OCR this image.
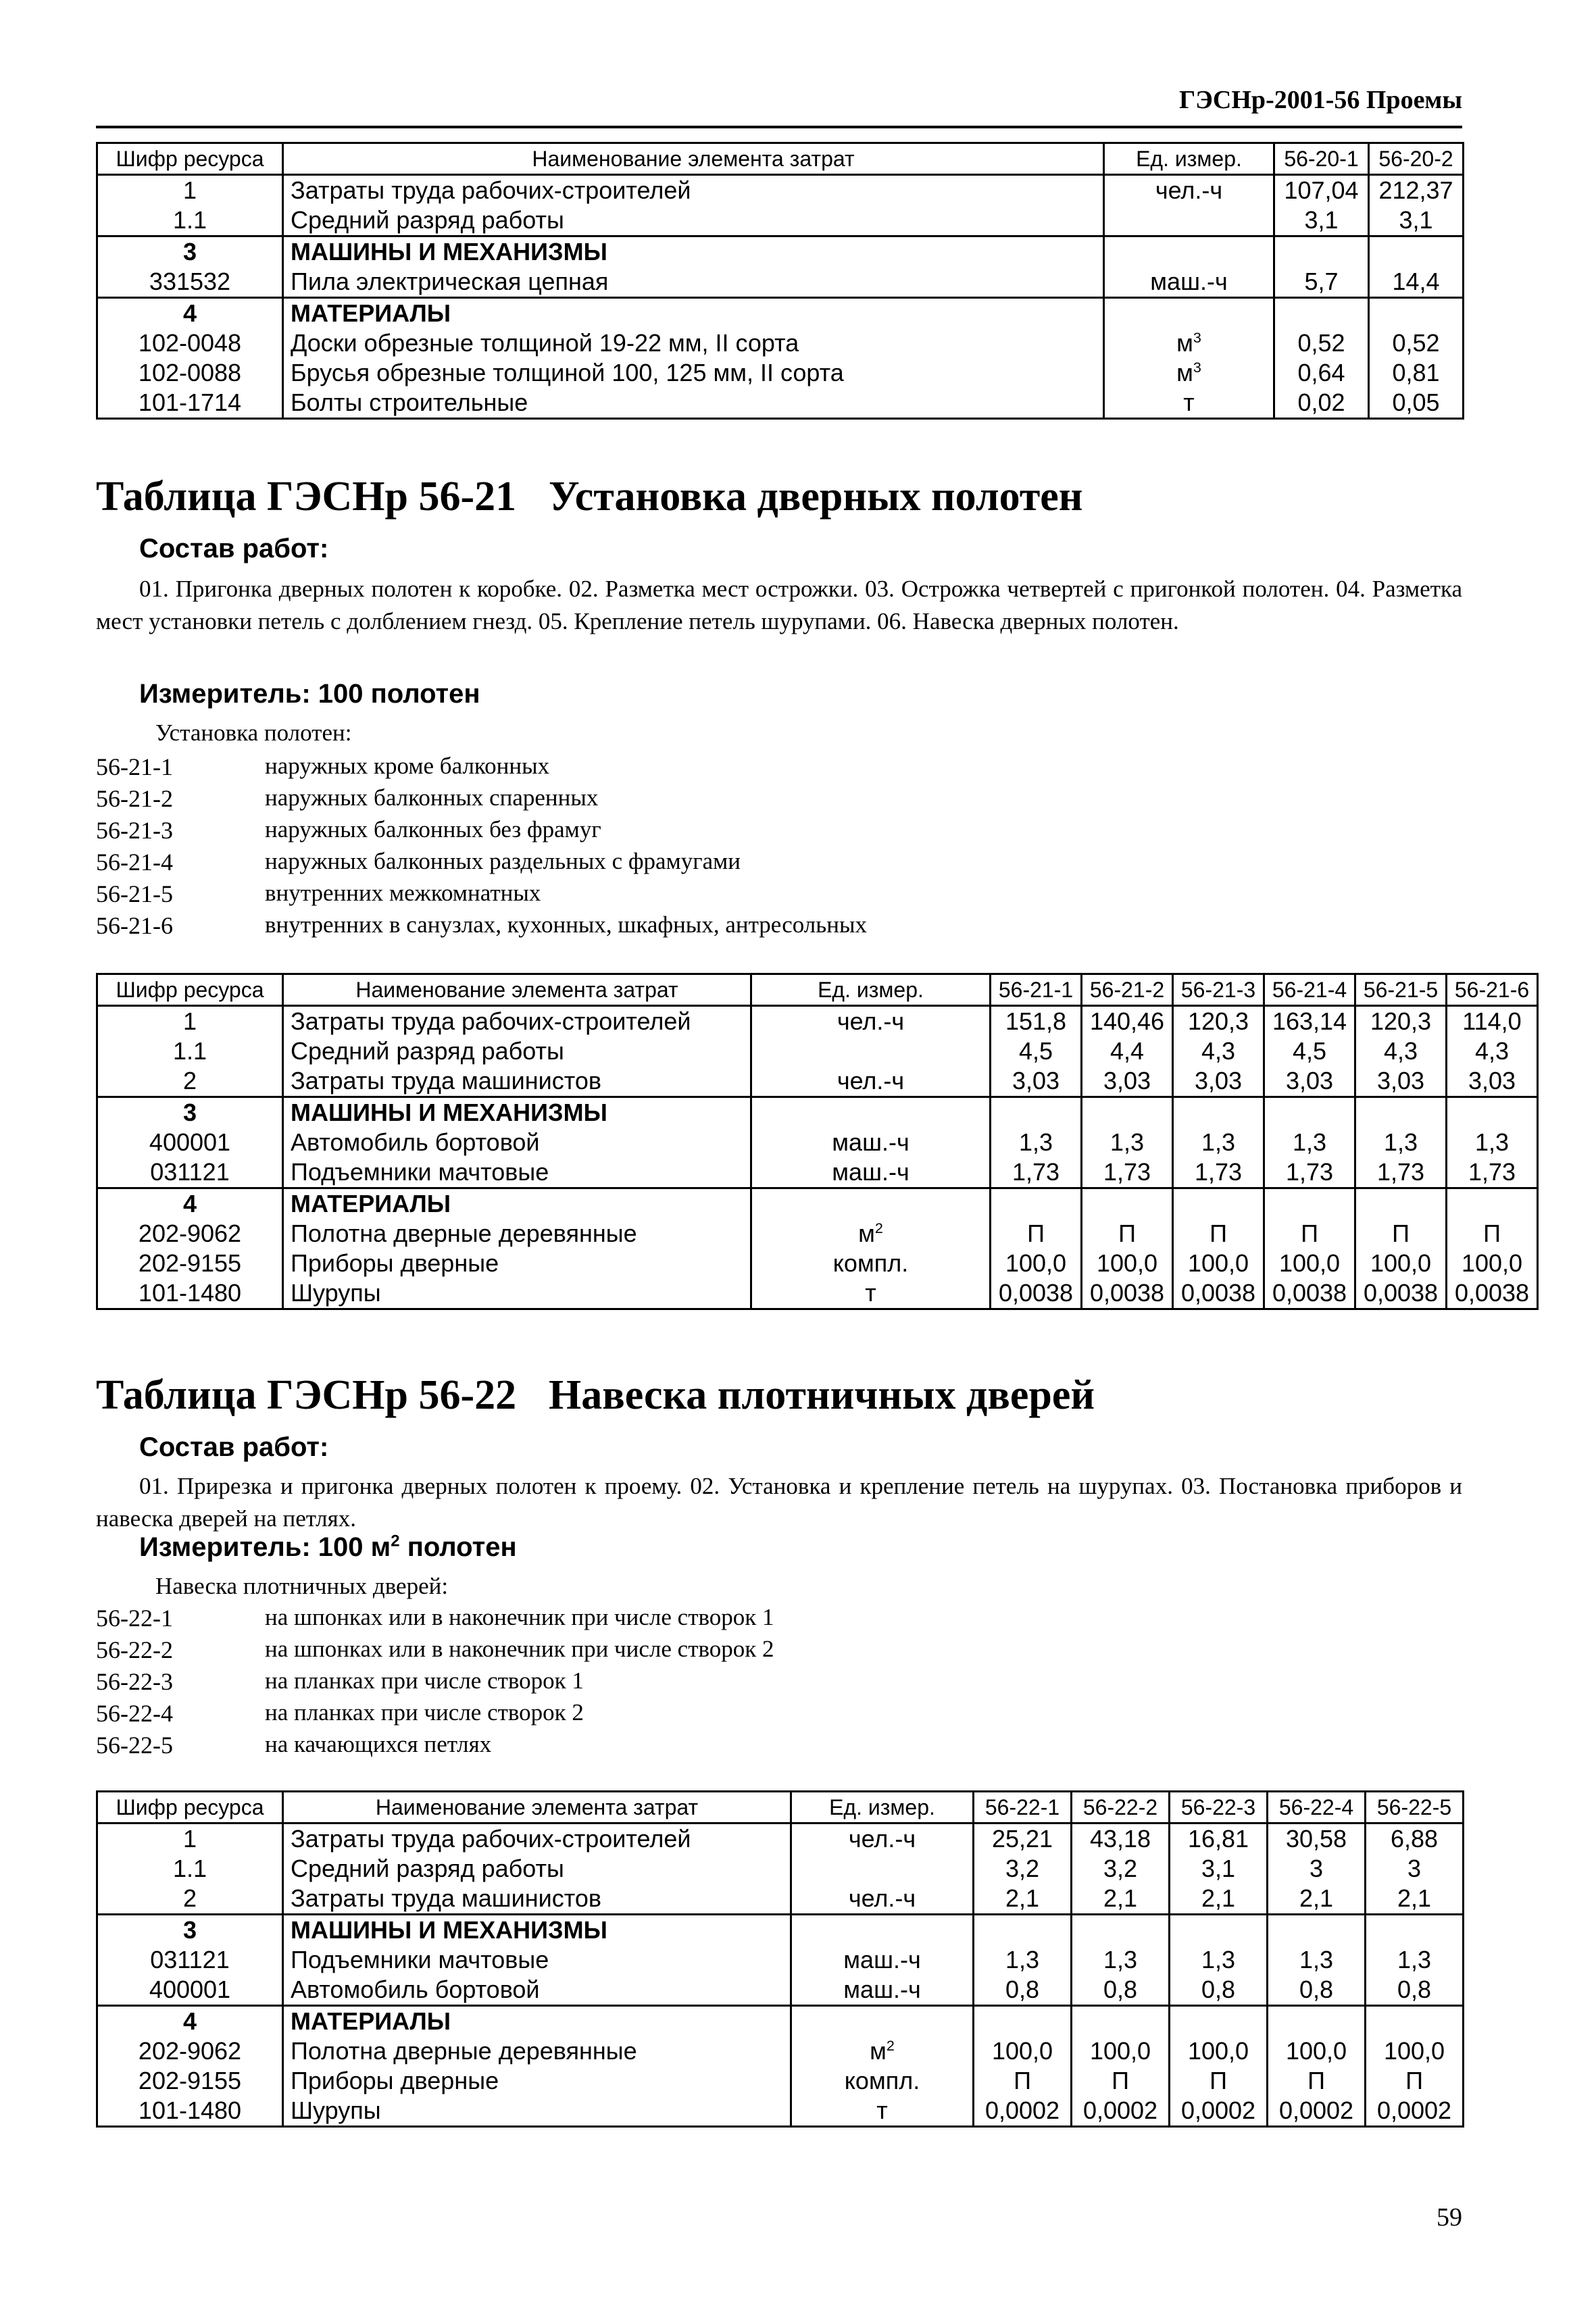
ГЭСНр-2001-56 Проемы
Шифр ресурса	Наименование элемента затрат	Ед. измер.	56-20-1	56-20-2
1	Затраты труда рабочих-строителей	чел.-ч	107,04	212,37
1.1	Средний разряд работы		3,1	3,1
3	МАШИНЫ И МЕХАНИЗМЫ			
331532	Пила электрическая цепная	маш.-ч	5,7	14,4
4	МАТЕРИАЛЫ			
102-0048	Доски обрезные толщиной 19-22 мм, II сорта	$м^3$	0,52	0,52
102-0088	Брусья обрезные толщиной 100, 125 мм, II сорта	$м^3$	0,64	0,81
101-1714	Болты строительные	т	0,02	0,05
Таблица ГЭСНр 56-21 Установка дверных полотен
Состав работ:
01. Пригонка дверных полотен к коробке. 02. Разметка мест острожки. 03. Острожка четвертей с пригонкой полотен. 04. Разметка мест установки петель с долблением гнезд. 05. Крепление петель шурупами. 06. Навеска дверных полотен.
Измеритель: 100 полотен
Установка полотен:
56-21-1	наружных кроме балконных
56-21-2	наружных балконных спаренных
56-21-3	наружных балконных без фрамуг
56-21-4	наружных балконных раздельных с фрамугами
56-21-5	внутренних межкомнатных
56-21-6	внутренних в санузлах, кухонных, шкафных, антресольных
Шифр ресурса	Наименование элемента затрат	Ед. измер.	56-21-1	56-21-2	56-21-3	56-21-4	56-21-5	56-21-6
1	Затраты труда рабочих-строителей	чел.-ч	151,8	140,46	120,3	163,14	120,3	114,0
1.1	Средний разряд работы		4,5	4,4	4,3	4,5	4,3	4,3
2	Затраты труда машинистов	чел.-ч	3,03	3,03	3,03	3,03	3,03	3,03
3	МАШИНЫ И МЕХАНИЗМЫ							
400001	Автомобиль бортовой	маш.-ч	1,3	1,3	1,3	1,3	1,3	1,3
031121	Подъемники мачтовые	маш.-ч	1,73	1,73	1,73	1,73	1,73	1,73
4	МАТЕРИАЛЫ							
202-9062	Полотна дверные деревянные	$м^2$	П	П	П	П	П	П
202-9155	Приборы дверные	компл.	100,0	100,0	100,0	100,0	100,0	100,0
101-1480	Шурупы	т	0,0038	0,0038	0,0038	0,0038	0,0038	0,0038
Таблица ГЭСНр 56-22 Навеска плотничных дверей
Состав работ:
01. Прирезка и пригонка дверных полотен к проему. 02. Установка и крепление петель на шурупах. 03. Постановка приборов и навеска дверей на петлях.
Измеритель: 100 $м^2$ полотен
Навеска плотничных дверей:
56-22-1	на шпонках или в наконечник при числе створок 1
56-22-2	на шпонках или в наконечник при числе створок 2
56-22-3	на планках при числе створок 1
56-22-4	на планках при числе створок 2
56-22-5	на качающихся петлях
Шифр ресурса	Наименование элемента затрат	Ед. измер.	56-22-1	56-22-2	56-22-3	56-22-4	56-22-5
1	Затраты труда рабочих-строителей	чел.-ч	25,21	43,18	16,81	30,58	6,88
1.1	Средний разряд работы		3,2	3,2	3,1	3	3
2	Затраты труда машинистов	чел.-ч	2,1	2,1	2,1	2,1	2,1
3	МАШИНЫ И МЕХАНИЗМЫ						
031121	Подъемники мачтовые	маш.-ч	1,3	1,3	1,3	1,3	1,3
400001	Автомобиль бортовой	маш.-ч	0,8	0,8	0,8	0,8	0,8
4	МАТЕРИАЛЫ						
202-9062	Полотна дверные деревянные	$м^2$	100,0	100,0	100,0	100,0	100,0
202-9155	Приборы дверные	компл.	П	П	П	П	П
101-1480	Шурупы	т	0,0002	0,0002	0,0002	0,0002	0,0002
59
